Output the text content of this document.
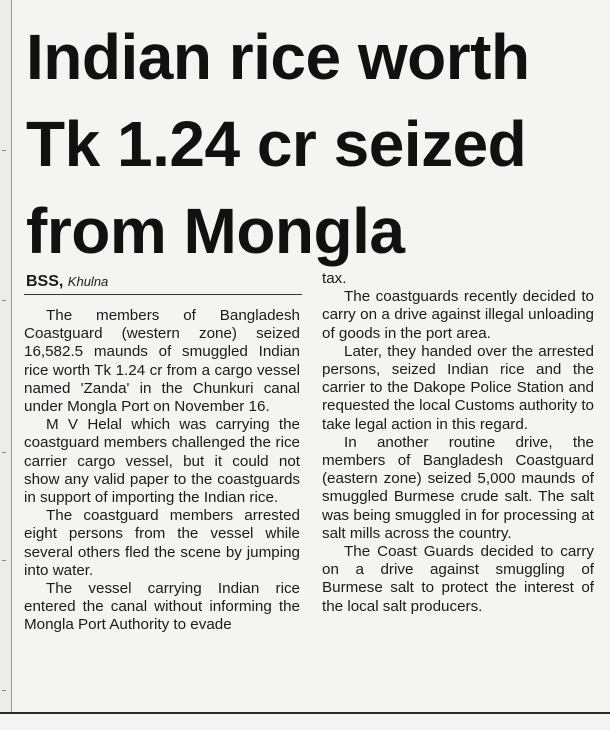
Indian rice worth Tk 1.24 cr seized from Mongla
BSS, Khulna

The members of Bangladesh Coastguard (western zone) seized 16,582.5 maunds of smuggled Indian rice worth Tk 1.24 cr from a cargo vessel named 'Zanda' in the Chunkuri canal under Mongla Port on November 16.

M V Helal which was carrying the coastguard members challenged the rice carrier cargo vessel, but it could not show any valid paper to the coastguards in support of importing the Indian rice.

The coastguard members arrested eight persons from the vessel while several others fled the scene by jumping into water.

The vessel carrying Indian rice entered the canal without informing the Mongla Port Authority to evade

tax.

The coastguards recently decided to carry on a drive against illegal unloading of goods in the port area.

Later, they handed over the arrested persons, seized Indian rice and the carrier to the Dakope Police Station and requested the local Customs authority to take legal action in this regard.

In another routine drive, the members of Bangladesh Coastguard (eastern zone) seized 5,000 maunds of smuggled Burmese crude salt. The salt was being smuggled in for processing at salt mills across the country.

The Coast Guards decided to carry on a drive against smuggling of Burmese salt to protect the interest of the local salt producers.
